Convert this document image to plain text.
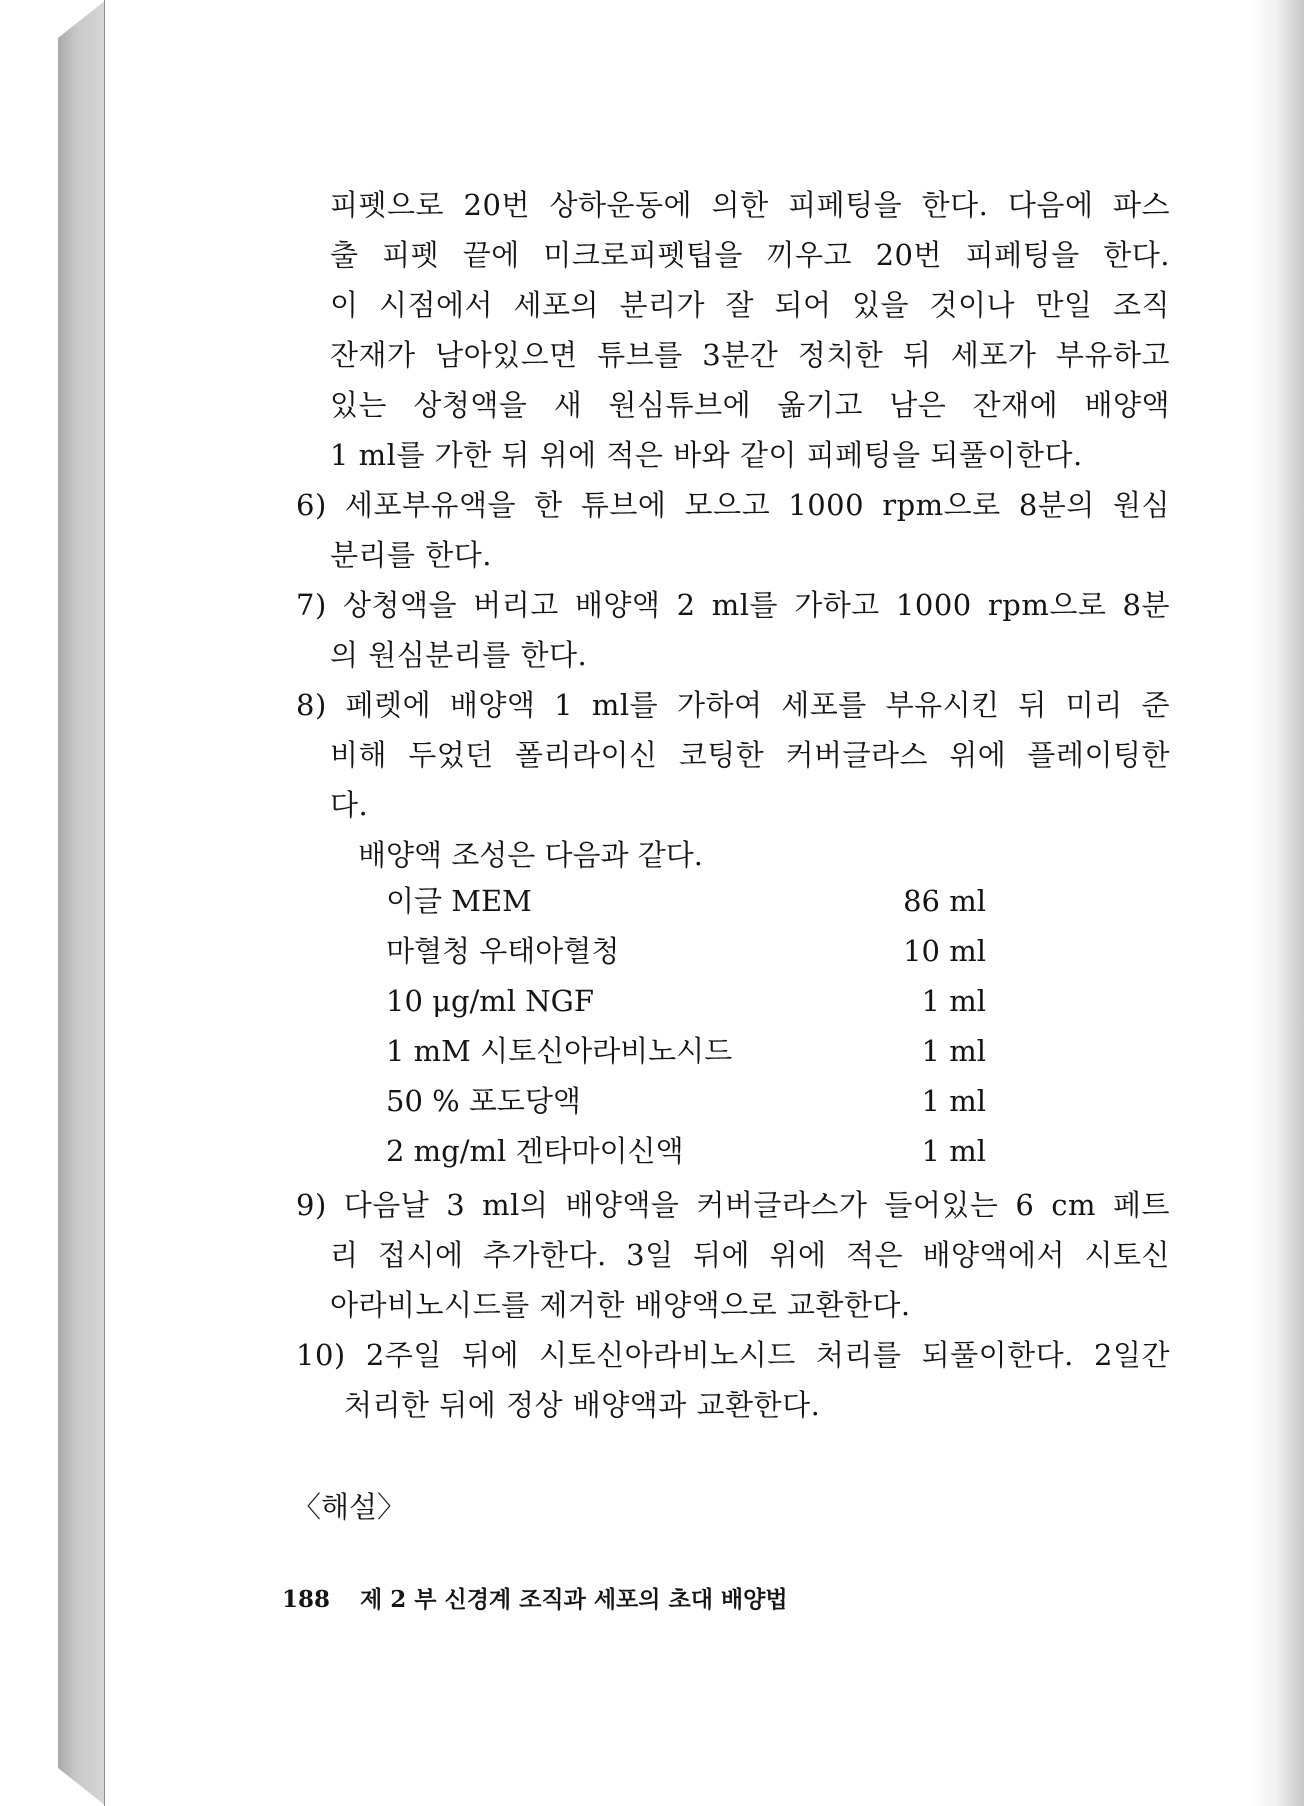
피펫으로 20번 상하운동에 의한 피페팅을 한다. 다음에 파스
출 피펫 끝에 미크로피펫팁을 끼우고 20번 피페팅을 한다.
이 시점에서 세포의 분리가 잘 되어 있을 것이나 만일 조직
잔재가 남아있으면 튜브를 3분간 정치한 뒤 세포가 부유하고
있는 상청액을 새 원심튜브에 옮기고 남은 잔재에 배양액
1 ml를 가한 뒤 위에 적은 바와 같이 피페팅을 되풀이한다.
6) 세포부유액을 한 튜브에 모으고 1000 rpm으로 8분의 원심
분리를 한다.
7) 상청액을 버리고 배양액 2 ml를 가하고 1000 rpm으로 8분
의 원심분리를 한다.
8) 페렛에 배양액 1 ml를 가하여 세포를 부유시킨 뒤 미리 준
비해 두었던 폴리라이신 코팅한 커버글라스 위에 플레이팅한
다.
배양액 조성은 다음과 같다.
이글 MEM	86 ml
마혈청 우태아혈청	10 ml
10 μg/ml NGF	1 ml
1 mM 시토신아라비노시드	1 ml
50 % 포도당액	1 ml
2 mg/ml 겐타마이신액	1 ml
9) 다음날 3 ml의 배양액을 커버글라스가 들어있는 6 cm 페트
리 접시에 추가한다. 3일 뒤에 위에 적은 배양액에서 시토신
아라비노시드를 제거한 배양액으로 교환한다.
10) 2주일 뒤에 시토신아라비노시드 처리를 되풀이한다. 2일간
처리한 뒤에 정상 배양액과 교환한다.
〈해설〉
188 제 2 부 신경계 조직과 세포의 초대 배양법
